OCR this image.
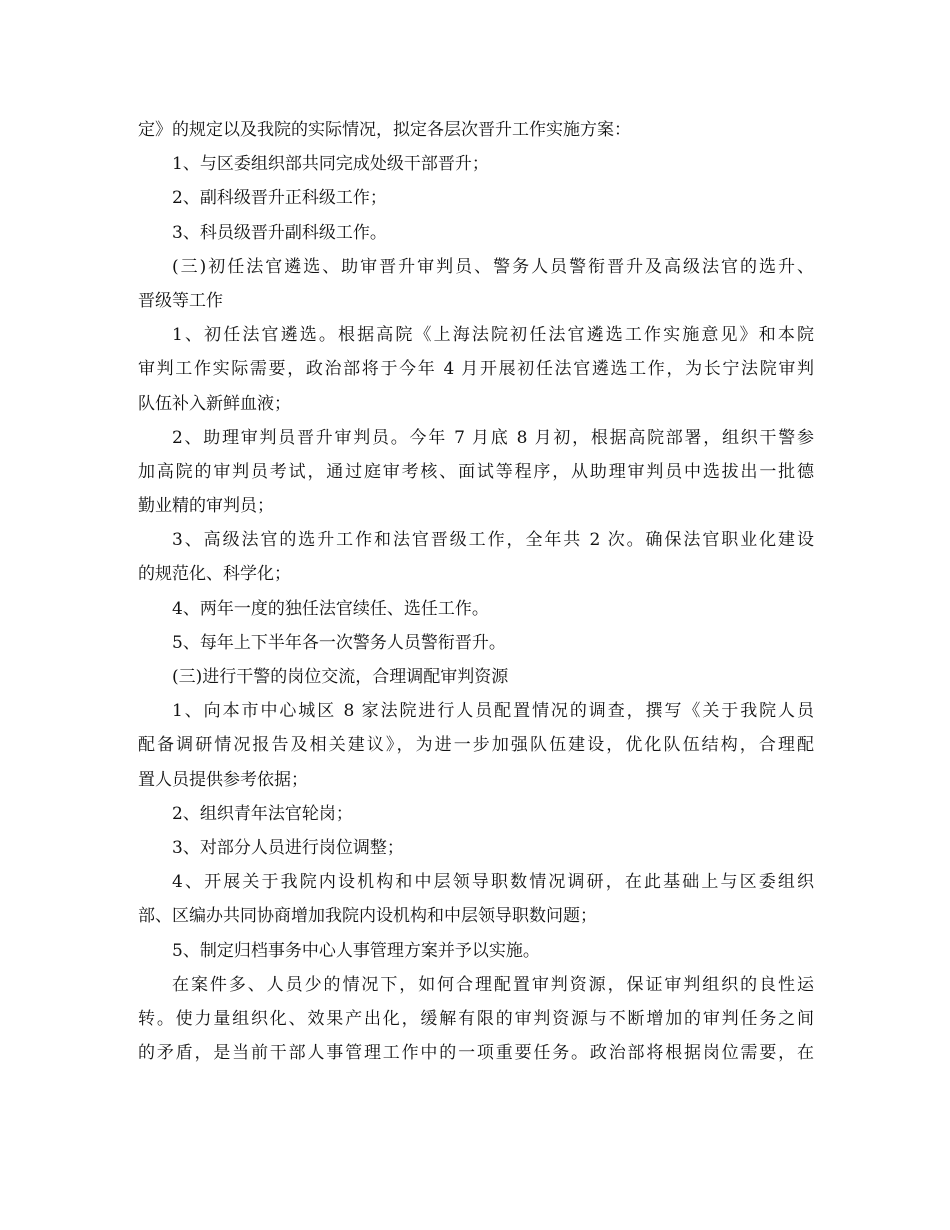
定》的规定以及我院的实际情况，拟定各层次晋升工作实施方案：
1、与区委组织部共同完成处级干部晋升；
2、副科级晋升正科级工作；
3、科员级晋升副科级工作。
(三)初任法官遴选、助审晋升审判员、警务人员警衔晋升及高级法官的选升、
晋级等工作
1、初任法官遴选。根据高院《上海法院初任法官遴选工作实施意见》和本院
审判工作实际需要，政治部将于今年 4 月开展初任法官遴选工作，为长宁法院审判
队伍补入新鲜血液；
2、助理审判员晋升审判员。今年 7 月底 8 月初，根据高院部署，组织干警参
加高院的审判员考试，通过庭审考核、面试等程序，从助理审判员中选拔出一批德
勤业精的审判员；
3、高级法官的选升工作和法官晋级工作，全年共 2 次。确保法官职业化建设
的规范化、科学化；
4、两年一度的独任法官续任、选任工作。
5、每年上下半年各一次警务人员警衔晋升。
(三)进行干警的岗位交流，合理调配审判资源
1、向本市中心城区 8 家法院进行人员配置情况的调查，撰写《关于我院人员
配备调研情况报告及相关建议》，为进一步加强队伍建设，优化队伍结构，合理配
置人员提供参考依据；
2、组织青年法官轮岗；
3、对部分人员进行岗位调整；
4、开展关于我院内设机构和中层领导职数情况调研，在此基础上与区委组织
部、区编办共同协商增加我院内设机构和中层领导职数问题；
5、制定归档事务中心人事管理方案并予以实施。
在案件多、人员少的情况下，如何合理配置审判资源，保证审判组织的良性运
转。使力量组织化、效果产出化，缓解有限的审判资源与不断增加的审判任务之间
的矛盾，是当前干部人事管理工作中的一项重要任务。政治部将根据岗位需要，在
